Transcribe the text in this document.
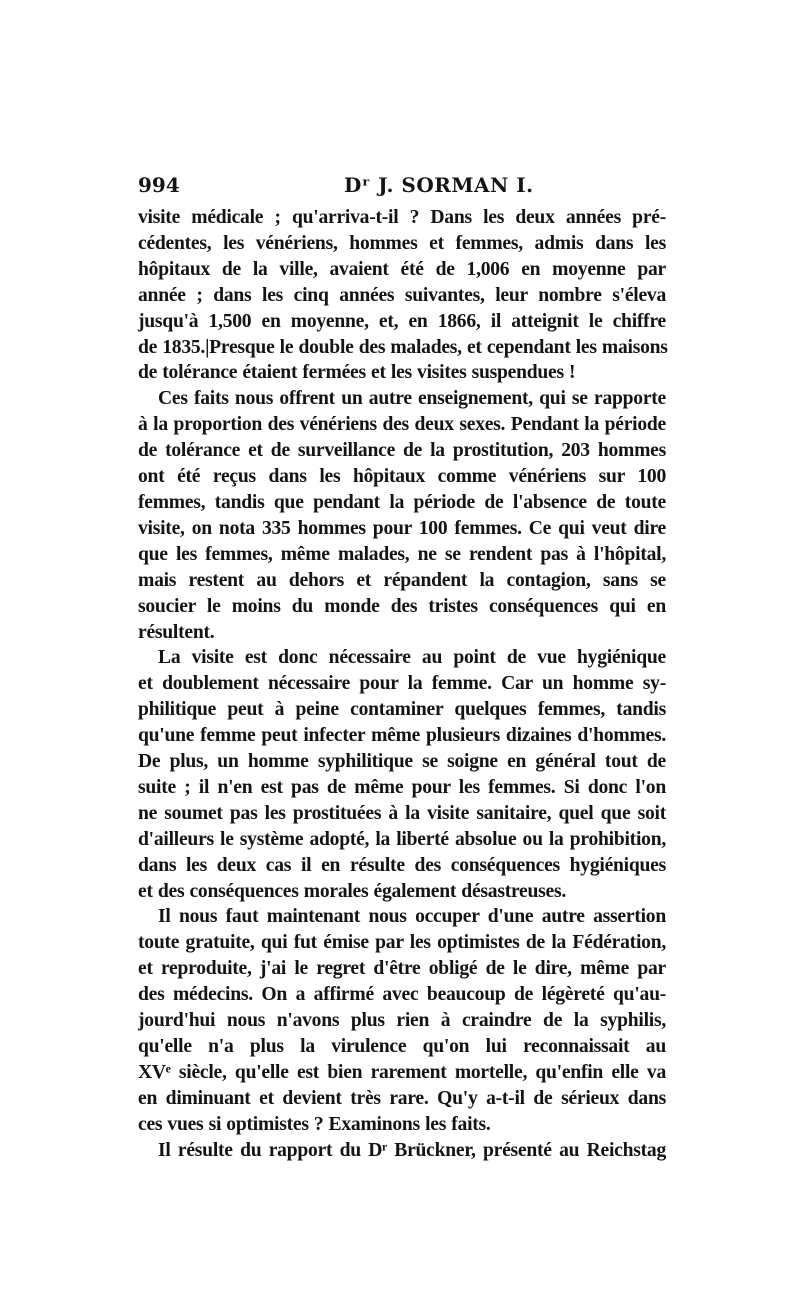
994	Dʳ J. SORMAN I.
visite médicale ; qu'arriva-t-il ? Dans les deux années pré-
cédentes, les vénériens, hommes et femmes, admis dans les
hôpitaux de la ville, avaient été de 1,006 en moyenne par
année ; dans les cinq années suivantes, leur nombre s'éleva
jusqu'à 1,500 en moyenne, et, en 1866, il atteignit le chiffre
de 1835.|Presque le double des malades, et cependant les maisons
de tolérance étaient fermées et les visites suspendues !
Ces faits nous offrent un autre enseignement, qui se rapporte
à la proportion des vénériens des deux sexes. Pendant la période
de tolérance et de surveillance de la prostitution, 203 hommes
ont été reçus dans les hôpitaux comme vénériens sur 100
femmes, tandis que pendant la période de l'absence de toute
visite, on nota 335 hommes pour 100 femmes. Ce qui veut dire
que les femmes, même malades, ne se rendent pas à l'hôpital,
mais restent au dehors et répandent la contagion, sans se
soucier le moins du monde des tristes conséquences qui en
résultent.
La visite est donc nécessaire au point de vue hygiénique
et doublement nécessaire pour la femme. Car un homme sy-
philitique peut à peine contaminer quelques femmes, tandis
qu'une femme peut infecter même plusieurs dizaines d'hommes.
De plus, un homme syphilitique se soigne en général tout de
suite ; il n'en est pas de même pour les femmes. Si donc l'on
ne soumet pas les prostituées à la visite sanitaire, quel que soit
d'ailleurs le système adopté, la liberté absolue ou la prohibition,
dans les deux cas il en résulte des conséquences hygiéniques
et des conséquences morales également désastreuses.
Il nous faut maintenant nous occuper d'une autre assertion
toute gratuite, qui fut émise par les optimistes de la Fédération,
et reproduite, j'ai le regret d'être obligé de le dire, même par
des médecins. On a affirmé avec beaucoup de légèreté qu'au-
jourd'hui nous n'avons plus rien à craindre de la syphilis,
qu'elle n'a plus la virulence qu'on lui reconnaissait au
XVᵉ siècle, qu'elle est bien rarement mortelle, qu'enfin elle va
en diminuant et devient très rare. Qu'y a-t-il de sérieux dans
ces vues si optimistes ? Examinons les faits.
Il résulte du rapport du Dʳ Brückner, présenté au Reichstag
